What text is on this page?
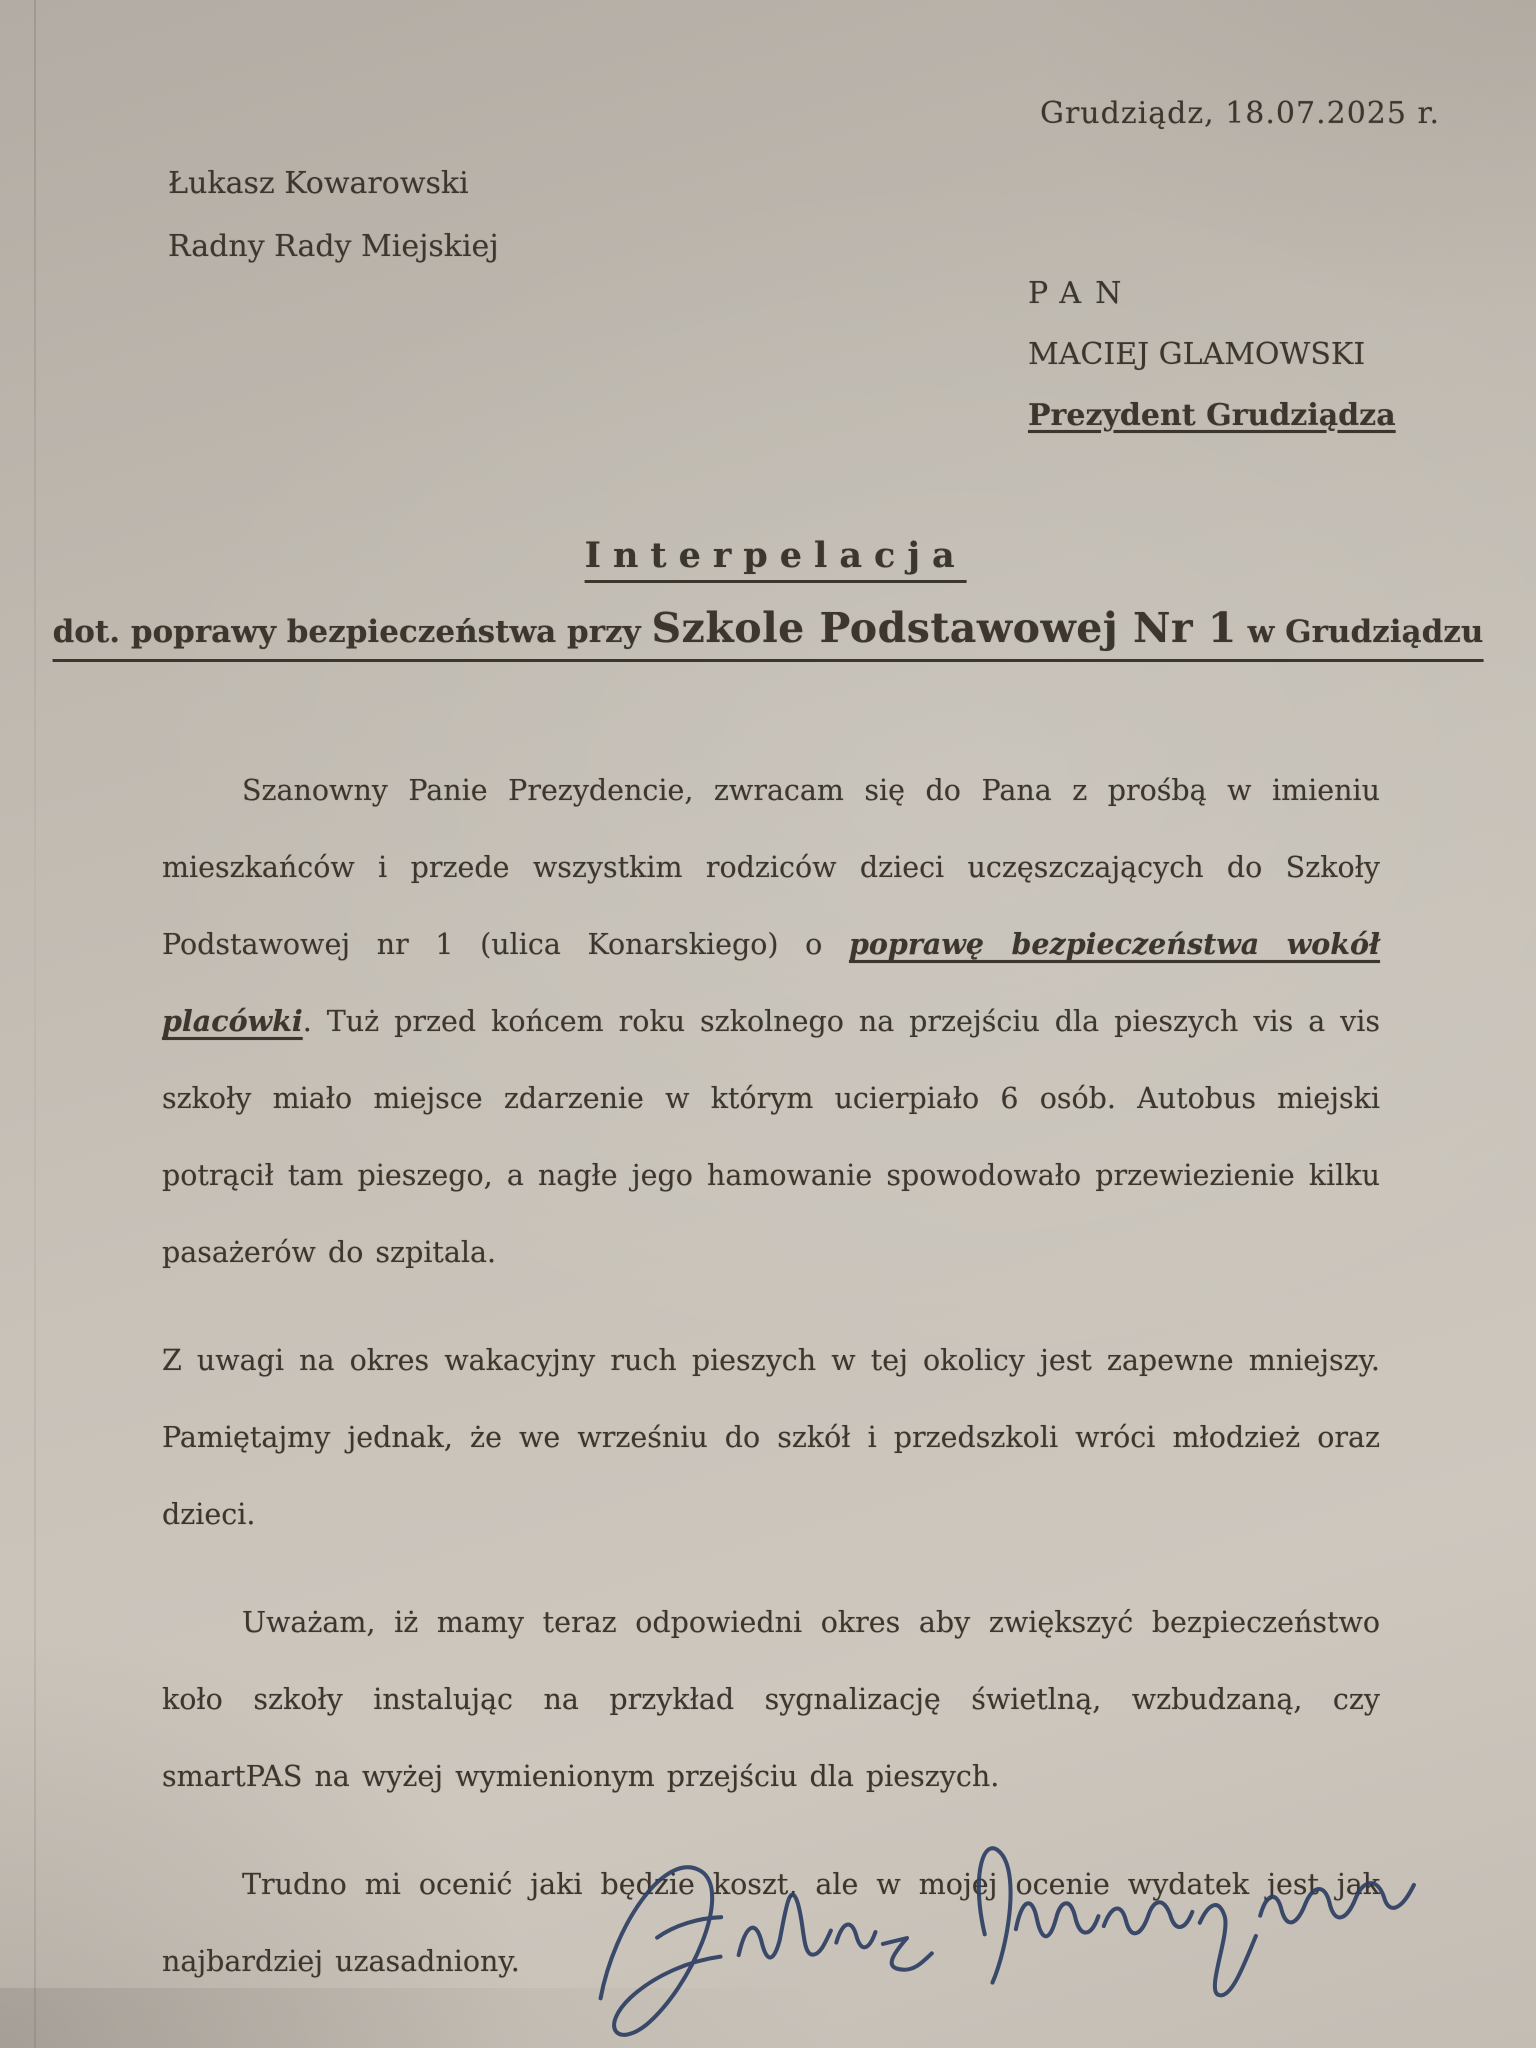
Grudziądz, 18.07.2025 r.
Łukasz Kowarowski
Radny Rady Miejskiej
PAN
MACIEJ GLAMOWSKI
Prezydent Grudziądza
Interpelacja
dot. poprawy bezpieczeństwa przy Szkole Podstawowej Nr 1 w Grudziądzu

Szanowny Panie Prezydencie, zwracam się do Pana z prośbą w imieniu mieszkańców i przede wszystkim rodziców dzieci uczęszczających do Szkoły Podstawowej nr 1 (ulica Konarskiego) o poprawę bezpieczeństwa wokół placówki. Tuż przed końcem roku szkolnego na przejściu dla pieszych vis a vis szkoły miało miejsce zdarzenie w którym ucierpiało 6 osób. Autobus miejski potrącił tam pieszego, a nagłe jego hamowanie spowodowało przewiezienie kilku pasażerów do szpitala.

Z uwagi na okres wakacyjny ruch pieszych w tej okolicy jest zapewne mniejszy. Pamiętajmy jednak, że we wrześniu do szkół i przedszkoli wróci młodzież oraz dzieci.

Uważam, iż mamy teraz odpowiedni okres aby zwiększyć bezpieczeństwo koło szkoły instalując na przykład sygnalizację świetlną, wzbudzaną, czy smartPAS na wyżej wymienionym przejściu dla pieszych.

Trudno mi ocenić jaki będzie koszt, ale w mojej ocenie wydatek jest jak najbardziej uzasadniony.
